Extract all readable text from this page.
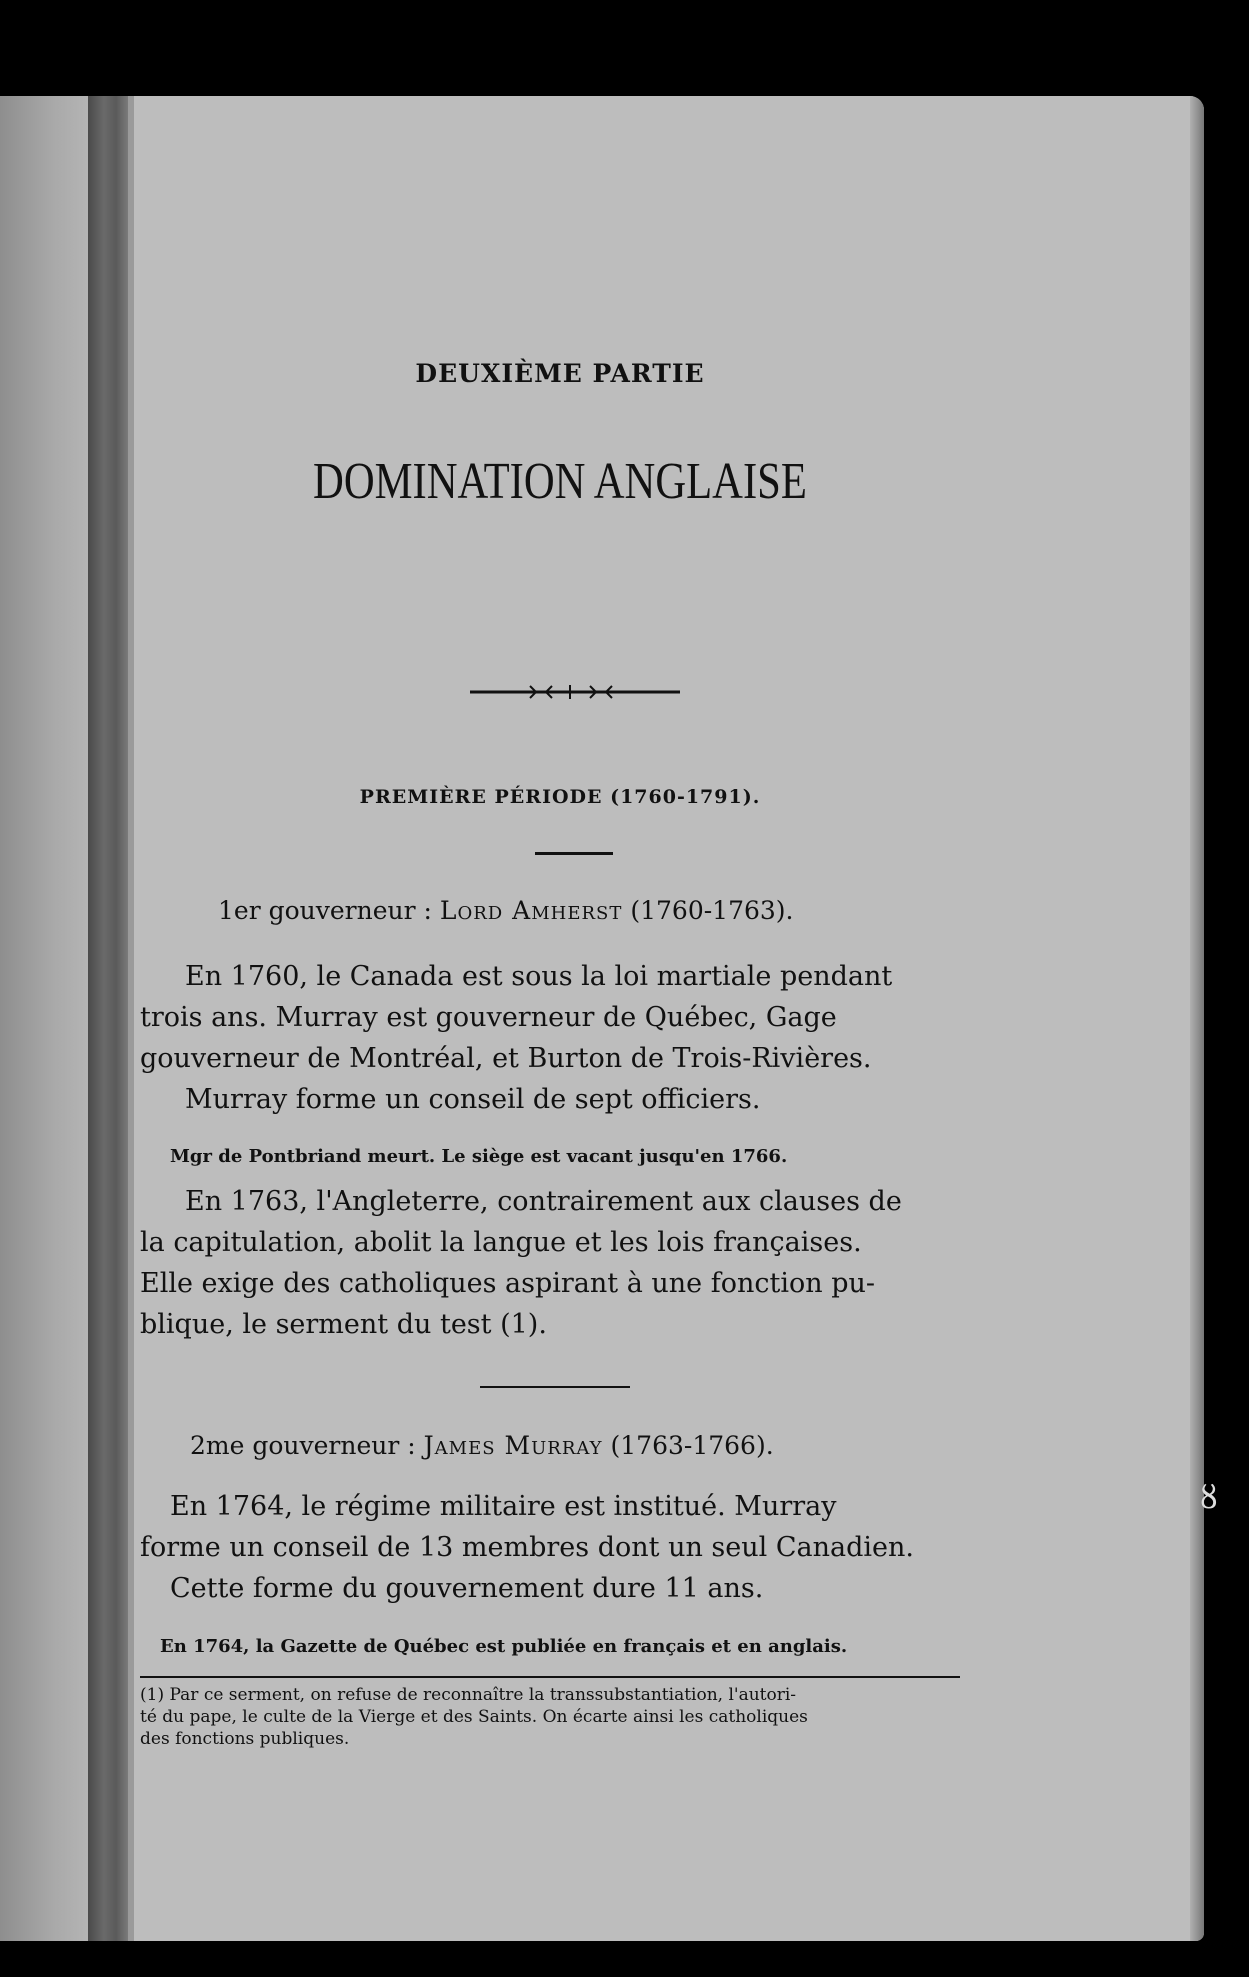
DEUXIÈME PARTIE
DOMINATION ANGLAISE
PREMIÈRE PÉRIODE (1760-1791).
1er gouverneur : Lord Amherst (1760-1763).
En 1760, le Canada est sous la loi martiale pendant
trois ans. Murray est gouverneur de Québec, Gage
gouverneur de Montréal, et Burton de Trois-Rivières.
Murray forme un conseil de sept officiers.
Mgr de Pontbriand meurt. Le siège est vacant jusqu'en 1766.
En 1763, l'Angleterre, contrairement aux clauses de
la capitulation, abolit la langue et les lois françaises.
Elle exige des catholiques aspirant à une fonction pu-
blique, le serment du test (1).
2me gouverneur : James Murray (1763-1766).
En 1764, le régime militaire est institué. Murray
forme un conseil de 13 membres dont un seul Canadien.
Cette forme du gouvernement dure 11 ans.
En 1764, la Gazette de Québec est publiée en français et en anglais.
(1) Par ce serment, on refuse de reconnaître la transsubstantiation, l'autori-
té du pape, le culte de la Vierge et des Saints. On écarte ainsi les catholiques
des fonctions publiques.
ȣ
